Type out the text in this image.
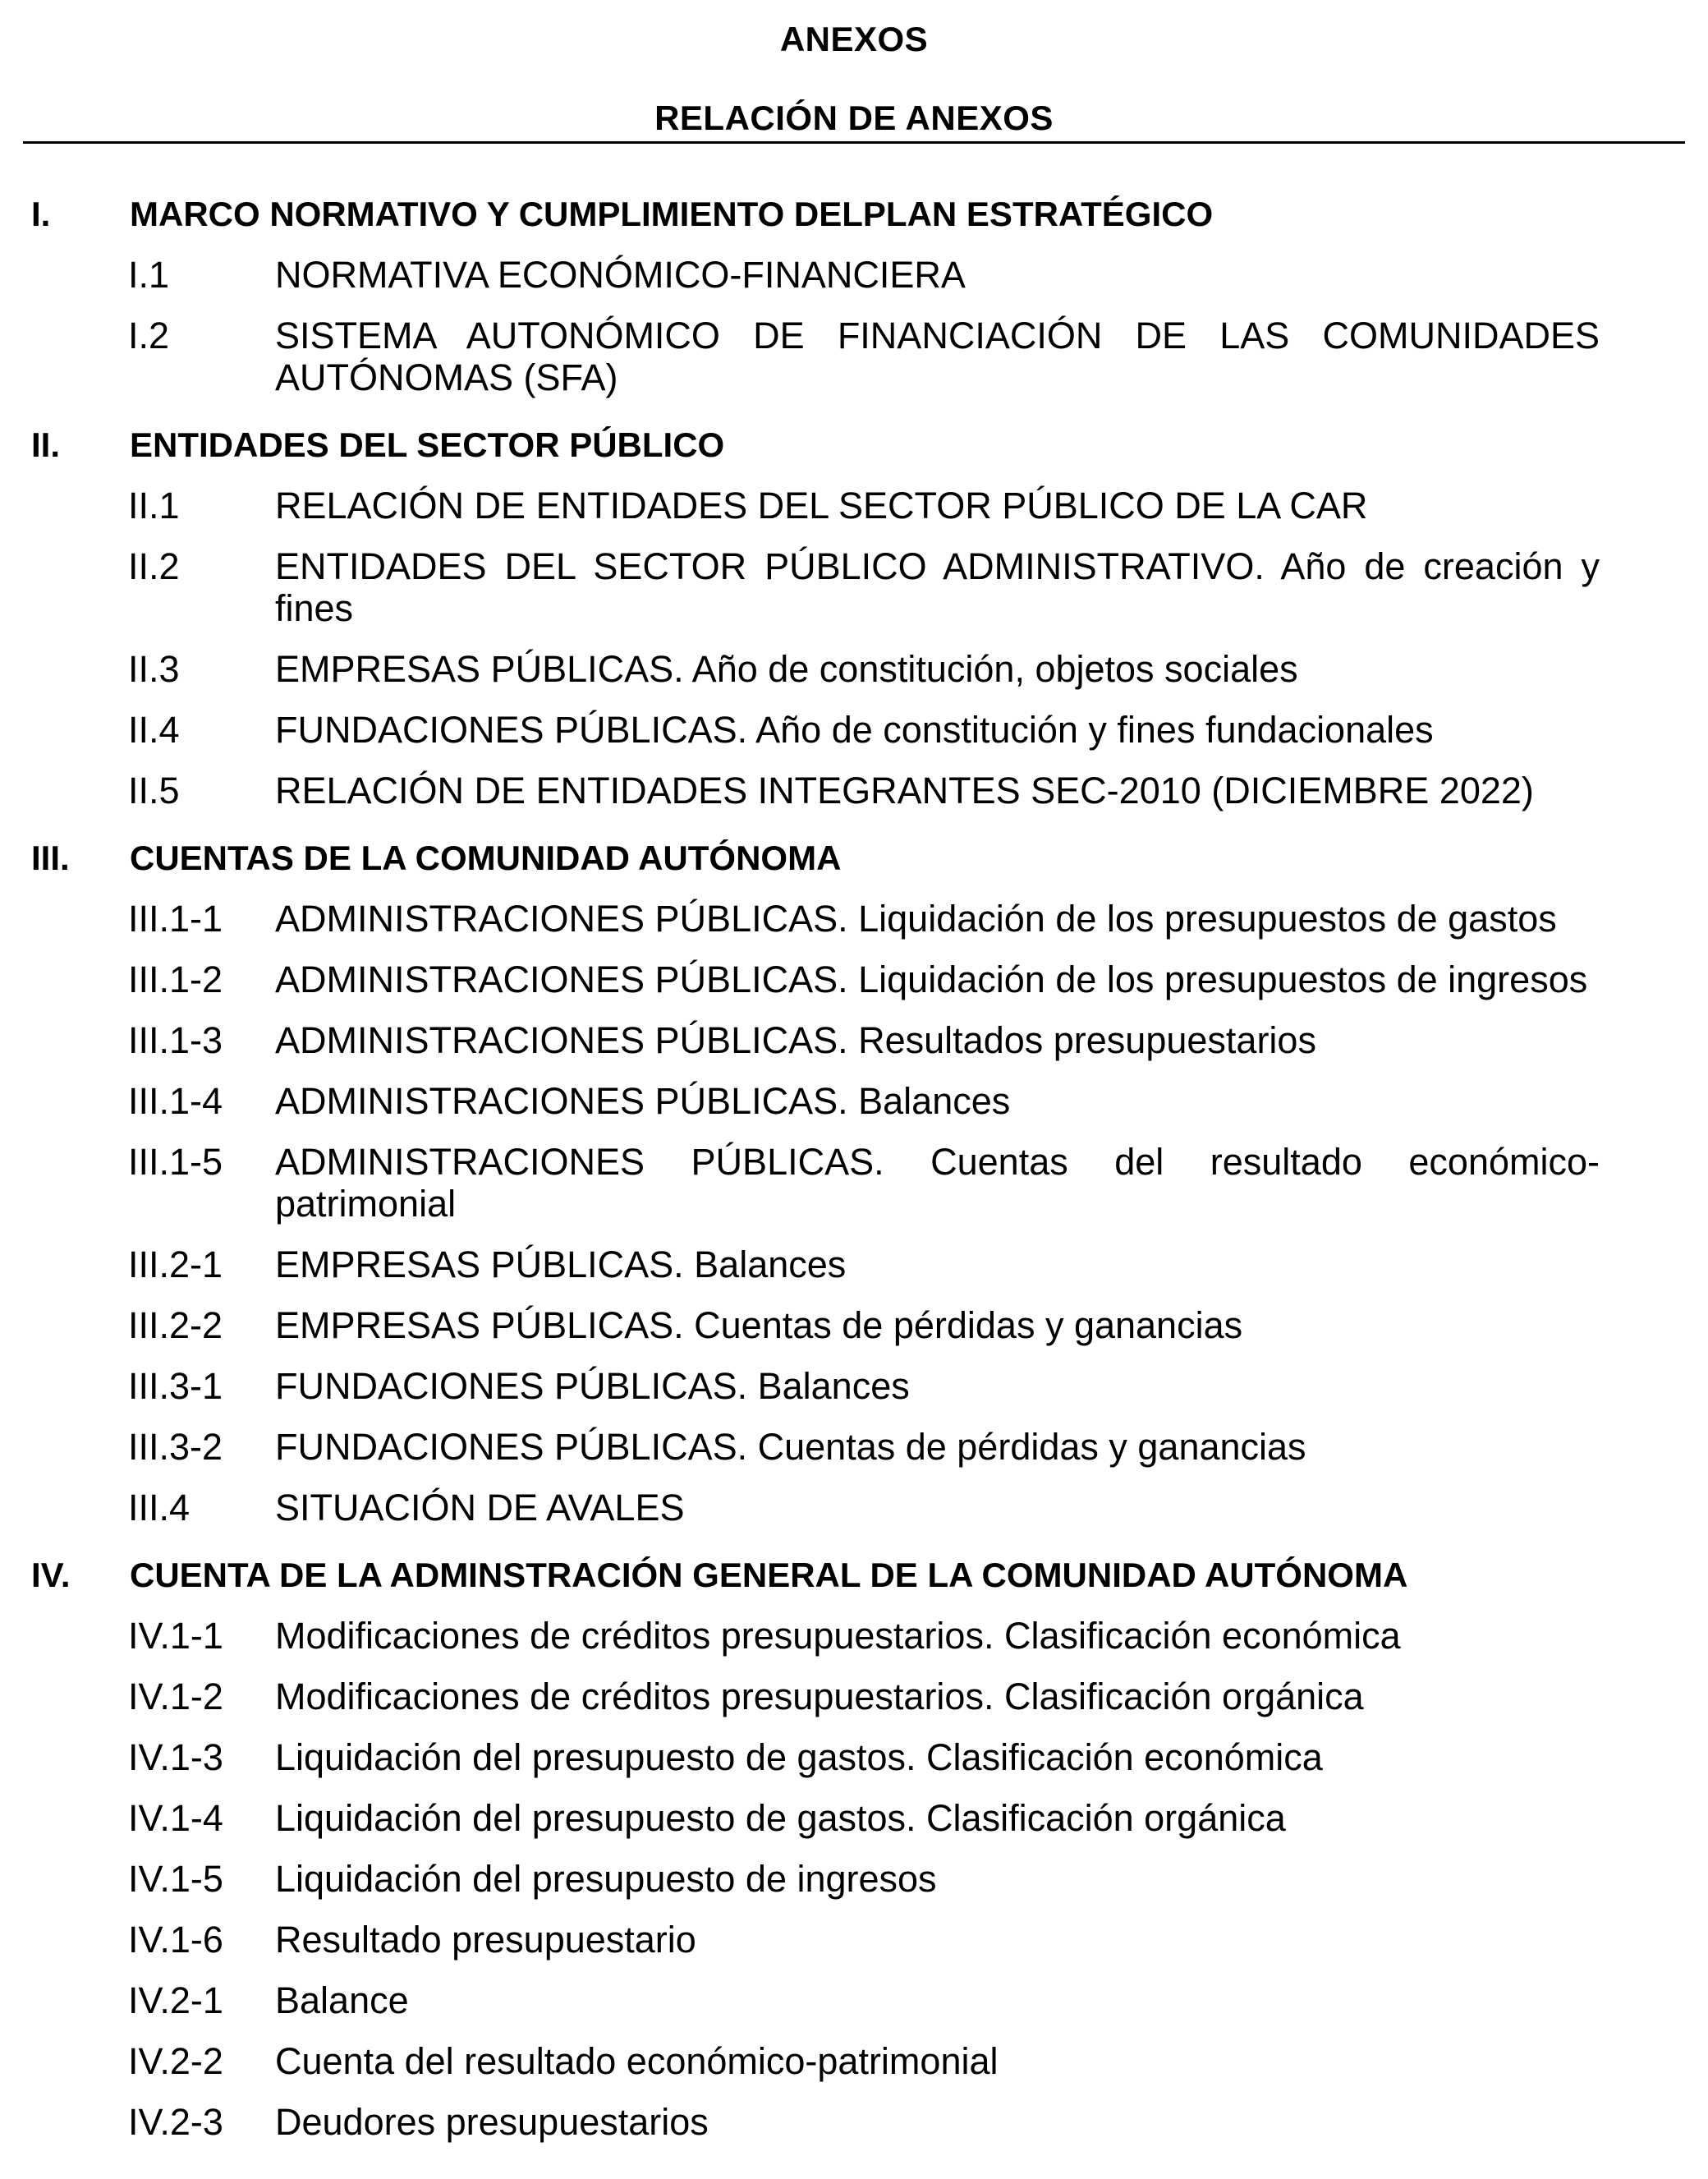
ANEXOS
RELACIÓN DE ANEXOS
I.	MARCO NORMATIVO Y CUMPLIMIENTO DELPLAN ESTRATÉGICO
I.1	NORMATIVA ECONÓMICO-FINANCIERA
I.2	SISTEMA AUTONÓMICO DE FINANCIACIÓN DE LAS COMUNIDADES AUTÓNOMAS (SFA)
II.	ENTIDADES DEL SECTOR PÚBLICO
II.1	RELACIÓN DE ENTIDADES DEL SECTOR PÚBLICO DE LA CAR
II.2	ENTIDADES DEL SECTOR PÚBLICO ADMINISTRATIVO. Año de creación y fines
II.3	EMPRESAS PÚBLICAS. Año de constitución, objetos sociales
II.4	FUNDACIONES PÚBLICAS. Año de constitución y fines fundacionales
II.5	RELACIÓN DE ENTIDADES INTEGRANTES SEC-2010 (DICIEMBRE 2022)
III.	CUENTAS DE LA COMUNIDAD AUTÓNOMA
III.1-1	ADMINISTRACIONES PÚBLICAS. Liquidación de los presupuestos de gastos
III.1-2	ADMINISTRACIONES PÚBLICAS. Liquidación de los presupuestos de ingresos
III.1-3	ADMINISTRACIONES PÚBLICAS. Resultados presupuestarios
III.1-4	ADMINISTRACIONES PÚBLICAS. Balances
III.1-5	ADMINISTRACIONES PÚBLICAS. Cuentas del resultado económico-patrimonial
III.2-1	EMPRESAS PÚBLICAS. Balances
III.2-2	EMPRESAS PÚBLICAS. Cuentas de pérdidas y ganancias
III.3-1	FUNDACIONES PÚBLICAS. Balances
III.3-2	FUNDACIONES PÚBLICAS. Cuentas de pérdidas y ganancias
III.4	SITUACIÓN DE AVALES
IV.	CUENTA DE LA ADMINSTRACIÓN GENERAL DE LA COMUNIDAD AUTÓNOMA
IV.1-1	Modificaciones de créditos presupuestarios. Clasificación económica
IV.1-2	Modificaciones de créditos presupuestarios. Clasificación orgánica
IV.1-3	Liquidación del presupuesto de gastos. Clasificación económica
IV.1-4	Liquidación del presupuesto de gastos. Clasificación orgánica
IV.1-5	Liquidación del presupuesto de ingresos
IV.1-6	Resultado presupuestario
IV.2-1	Balance
IV.2-2	Cuenta del resultado económico-patrimonial
IV.2-3	Deudores presupuestarios
